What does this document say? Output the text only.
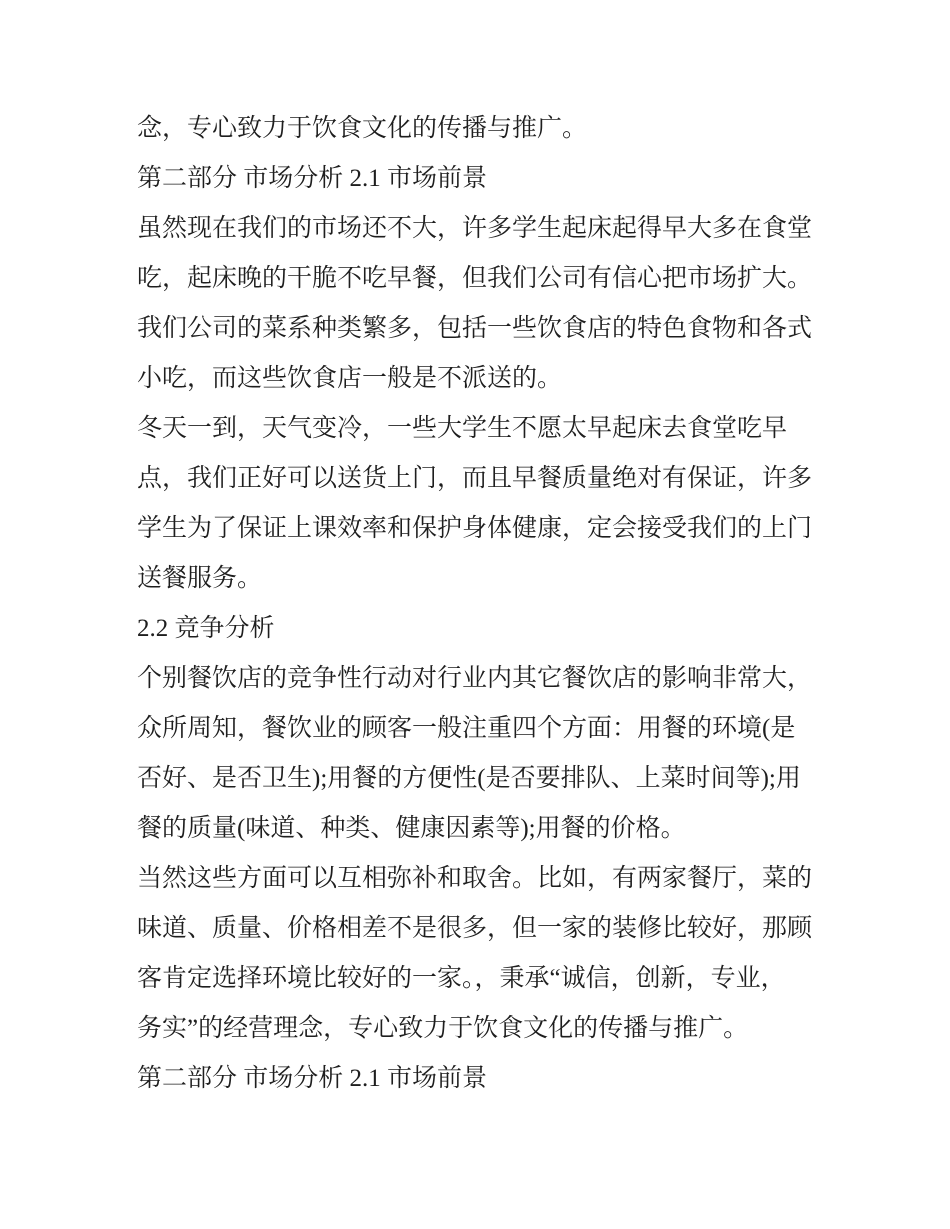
念，专心致力于饮食文化的传播与推广。
第二部分 市场分析 2.1 市场前景
虽然现在我们的市场还不大，许多学生起床起得早大多在食堂
吃，起床晚的干脆不吃早餐，但我们公司有信心把市场扩大。
我们公司的菜系种类繁多，包括一些饮食店的特色食物和各式
小吃，而这些饮食店一般是不派送的。
冬天一到，天气变冷，一些大学生不愿太早起床去食堂吃早
点，我们正好可以送货上门，而且早餐质量绝对有保证，许多
学生为了保证上课效率和保护身体健康，定会接受我们的上门
送餐服务。
2.2 竞争分析
个别餐饮店的竞争性行动对行业内其它餐饮店的影响非常大，
众所周知，餐饮业的顾客一般注重四个方面：用餐的环境(是
否好、是否卫生);用餐的方便性(是否要排队、上菜时间等);用
餐的质量(味道、种类、健康因素等);用餐的价格。
当然这些方面可以互相弥补和取舍。比如，有两家餐厅，菜的
味道、质量、价格相差不是很多，但一家的装修比较好，那顾
客肯定选择环境比较好的一家。，秉承“诚信，创新，专业，
务实”的经营理念，专心致力于饮食文化的传播与推广。
第二部分 市场分析 2.1 市场前景
